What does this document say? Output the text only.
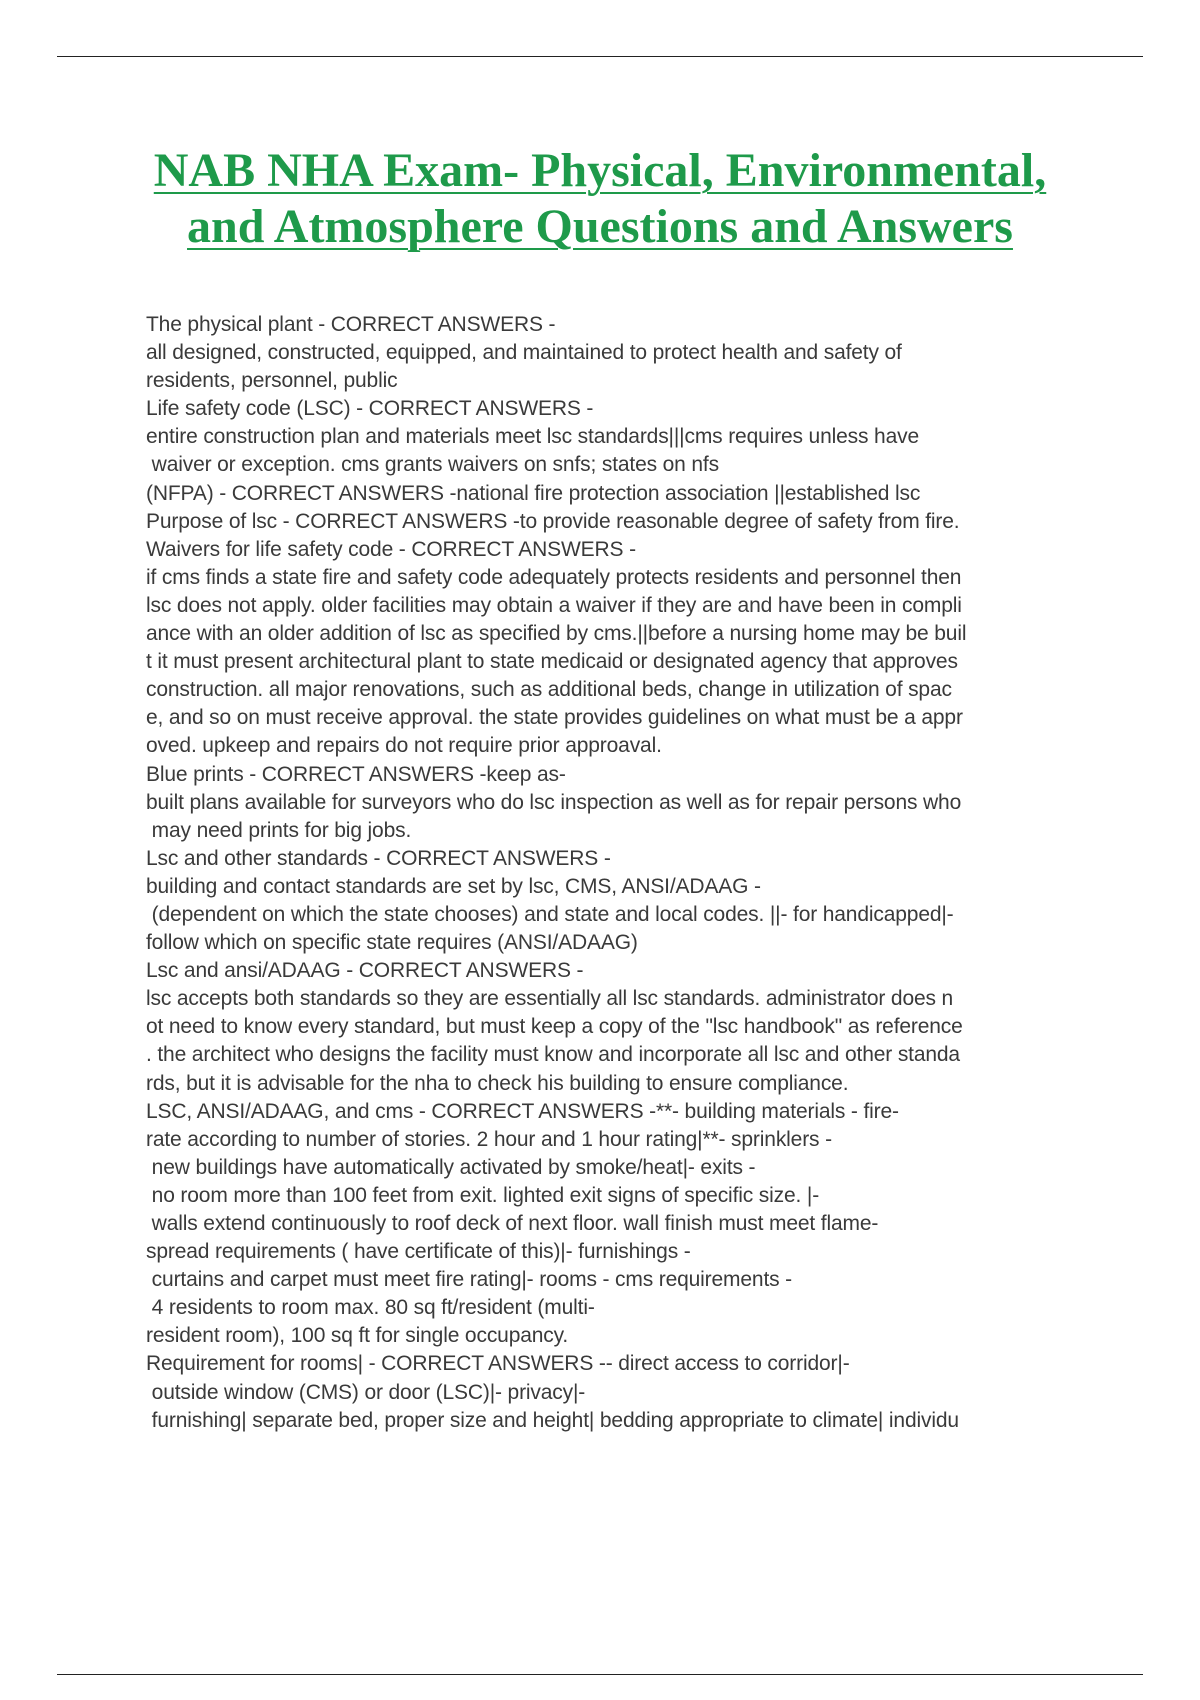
NAB NHA Exam- Physical, Environmental,
and Atmosphere Questions and Answers
The physical plant - CORRECT ANSWERS -
all designed, constructed, equipped, and maintained to protect health and safety of
residents, personnel, public
Life safety code (LSC) - CORRECT ANSWERS -
entire construction plan and materials meet lsc standards|||cms requires unless have
waiver or exception. cms grants waivers on snfs; states on nfs
(NFPA) - CORRECT ANSWERS -national fire protection association ||established lsc
Purpose of lsc - CORRECT ANSWERS -to provide reasonable degree of safety from fire.
Waivers for life safety code - CORRECT ANSWERS -
if cms finds a state fire and safety code adequately protects residents and personnel then
lsc does not apply. older facilities may obtain a waiver if they are and have been in compli
ance with an older addition of lsc as specified by cms.||before a nursing home may be buil
t it must present architectural plant to state medicaid or designated agency that approves
construction. all major renovations, such as additional beds, change in utilization of spac
e, and so on must receive approval. the state provides guidelines on what must be a appr
oved. upkeep and repairs do not require prior approaval.
Blue prints - CORRECT ANSWERS -keep as-
built plans available for surveyors who do lsc inspection as well as for repair persons who
may need prints for big jobs.
Lsc and other standards - CORRECT ANSWERS -
building and contact standards are set by lsc, CMS, ANSI/ADAAG -
(dependent on which the state chooses) and state and local codes. ||- for handicapped|-
follow which on specific state requires (ANSI/ADAAG)
Lsc and ansi/ADAAG - CORRECT ANSWERS -
lsc accepts both standards so they are essentially all lsc standards. administrator does n
ot need to know every standard, but must keep a copy of the "lsc handbook" as reference
. the architect who designs the facility must know and incorporate all lsc and other standa
rds, but it is advisable for the nha to check his building to ensure compliance.
LSC, ANSI/ADAAG, and cms - CORRECT ANSWERS -**- building materials - fire-
rate according to number of stories. 2 hour and 1 hour rating|**- sprinklers -
new buildings have automatically activated by smoke/heat|- exits -
no room more than 100 feet from exit. lighted exit signs of specific size. |-
walls extend continuously to roof deck of next floor. wall finish must meet flame-
spread requirements ( have certificate of this)|- furnishings -
curtains and carpet must meet fire rating|- rooms - cms requirements -
4 residents to room max. 80 sq ft/resident (multi-
resident room), 100 sq ft for single occupancy.
Requirement for rooms| - CORRECT ANSWERS -- direct access to corridor|-
outside window (CMS) or door (LSC)|- privacy|-
furnishing| separate bed, proper size and height| bedding appropriate to climate| individu
